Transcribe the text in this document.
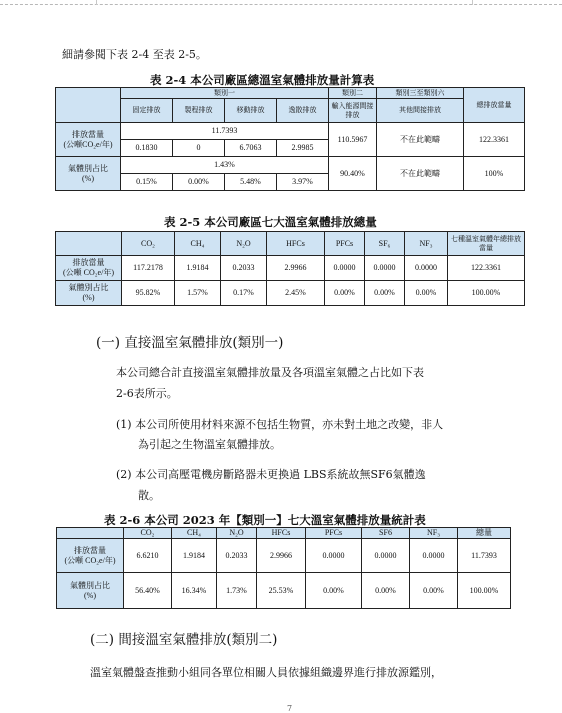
細請參閱下表 2-4 至表 2-5。
表 2-4 本公司廠區總溫室氣體排放量計算表
	類別一				類別二	類別三至類別六	總排放當量
	固定排放	製程排放	移動排放	逸散排放	輸入能源間接排放	其他間接排放	

排放當量
(公噸CO₂e/年)	11.7393				110.5967	不在此範疇	122.3361
	0.1830	0	6.7063	2.9985			

氣體別占比
(%)	1.43%				90.40%	不在此範疇	100%
	0.15%	0.00%	5.48%	3.97%			
表 2-5 本公司廠區七大溫室氣體排放總量
	CO₂	CH₄	N₂O	HFCs	PFCs	SF₆	NF₃	七種溫室氣體年總排放當量

排放當量
(公噸 CO₂e/年)	117.2178	1.9184	0.2033	2.9966	0.0000	0.0000	0.0000	122.3361

氣體別占比
(%)	95.82%	1.57%	0.17%	2.45%	0.00%	0.00%	0.00%	100.00%
(一) 直接溫室氣體排放(類別一)
本公司總合計直接溫室氣體排放量及各項溫室氣體之占比如下表
2-6表所示。
(1) 本公司所使用材料來源不包括生物質，亦未對土地之改變，非人
為引起之生物溫室氣體排放。
(2) 本公司高壓電機房斷路器未更換過 LBS系統故無SF6氣體逸
散。
表 2-6 本公司 2023 年【類別一】七大溫室氣體排放量統計表
	CO₂	CH₄	N₂O	HFCs	PFCs	SF6	NF₃	總量

排放當量
(公噸 CO₂e/年)	6.6210	1.9184	0.2033	2.9966	0.0000	0.0000	0.0000	11.7393

氣體別占比
(%)	56.40%	16.34%	1.73%	25.53%	0.00%	0.00%	0.00%	100.00%
(二) 間接溫室氣體排放(類別二)
溫室氣體盤查推動小組同各單位相關人員依據組織邊界進行排放源鑑別，
7
